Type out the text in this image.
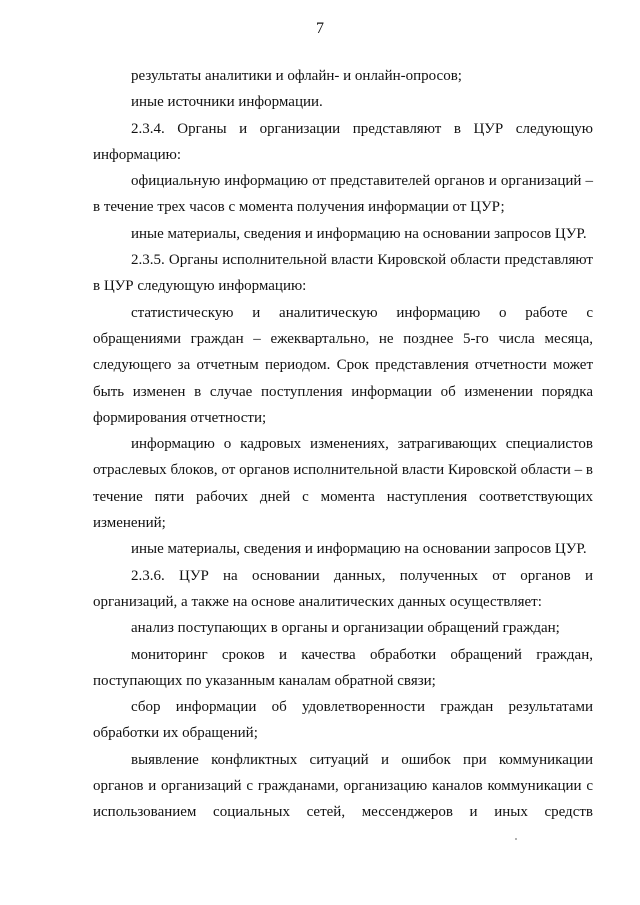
7
результаты аналитики и офлайн- и онлайн-опросов;
иные источники информации.
2.3.4. Органы и организации представляют в ЦУР следующую
информацию:
официальную информацию от представителей органов и организаций –
в течение трех часов с момента получения информации от ЦУР;
иные материалы, сведения и информацию на основании запросов ЦУР.
2.3.5. Органы исполнительной власти Кировской области представляют
в ЦУР следующую информацию:
статистическую и аналитическую информацию о работе с
обращениями граждан – ежеквартально, не позднее 5-го числа месяца,
следующего за отчетным периодом. Срок представления отчетности может
быть изменен в случае поступления информации об изменении порядка
формирования отчетности;
информацию о кадровых изменениях, затрагивающих специалистов
отраслевых блоков, от органов исполнительной власти Кировской области – в
течение пяти рабочих дней с момента наступления соответствующих
изменений;
иные материалы, сведения и информацию на основании запросов ЦУР.
2.3.6. ЦУР на основании данных, полученных от органов и
организаций, а также на основе аналитических данных осуществляет:
анализ поступающих в органы и организации обращений граждан;
мониторинг сроков и качества обработки обращений граждан,
поступающих по указанным каналам обратной связи;
сбор информации об удовлетворенности граждан результатами
обработки их обращений;
выявление конфликтных ситуаций и ошибок при коммуникации
органов и организаций с гражданами, организацию каналов коммуникации с
использованием социальных сетей, мессенджеров и иных средств
